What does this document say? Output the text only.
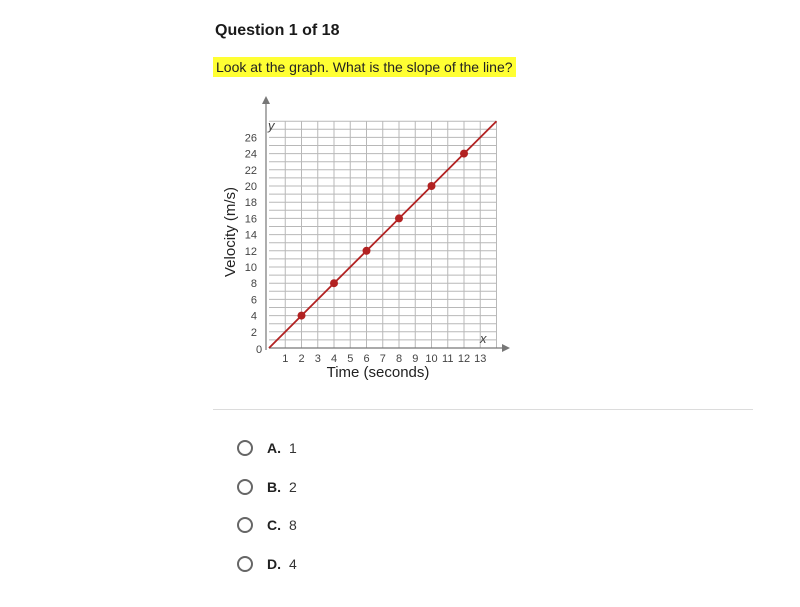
Question 1 of 18
Look at the graph. What is the slope of the line?
x
y
0
Time (seconds)
Velocity (m/s)
1 2 3 4 5 6 7 8 9 10 11 12 13
2
4
6
8
10
12
14
16
18
20
22
24
26
A. 1
B. 2
C. 8
D. 4
